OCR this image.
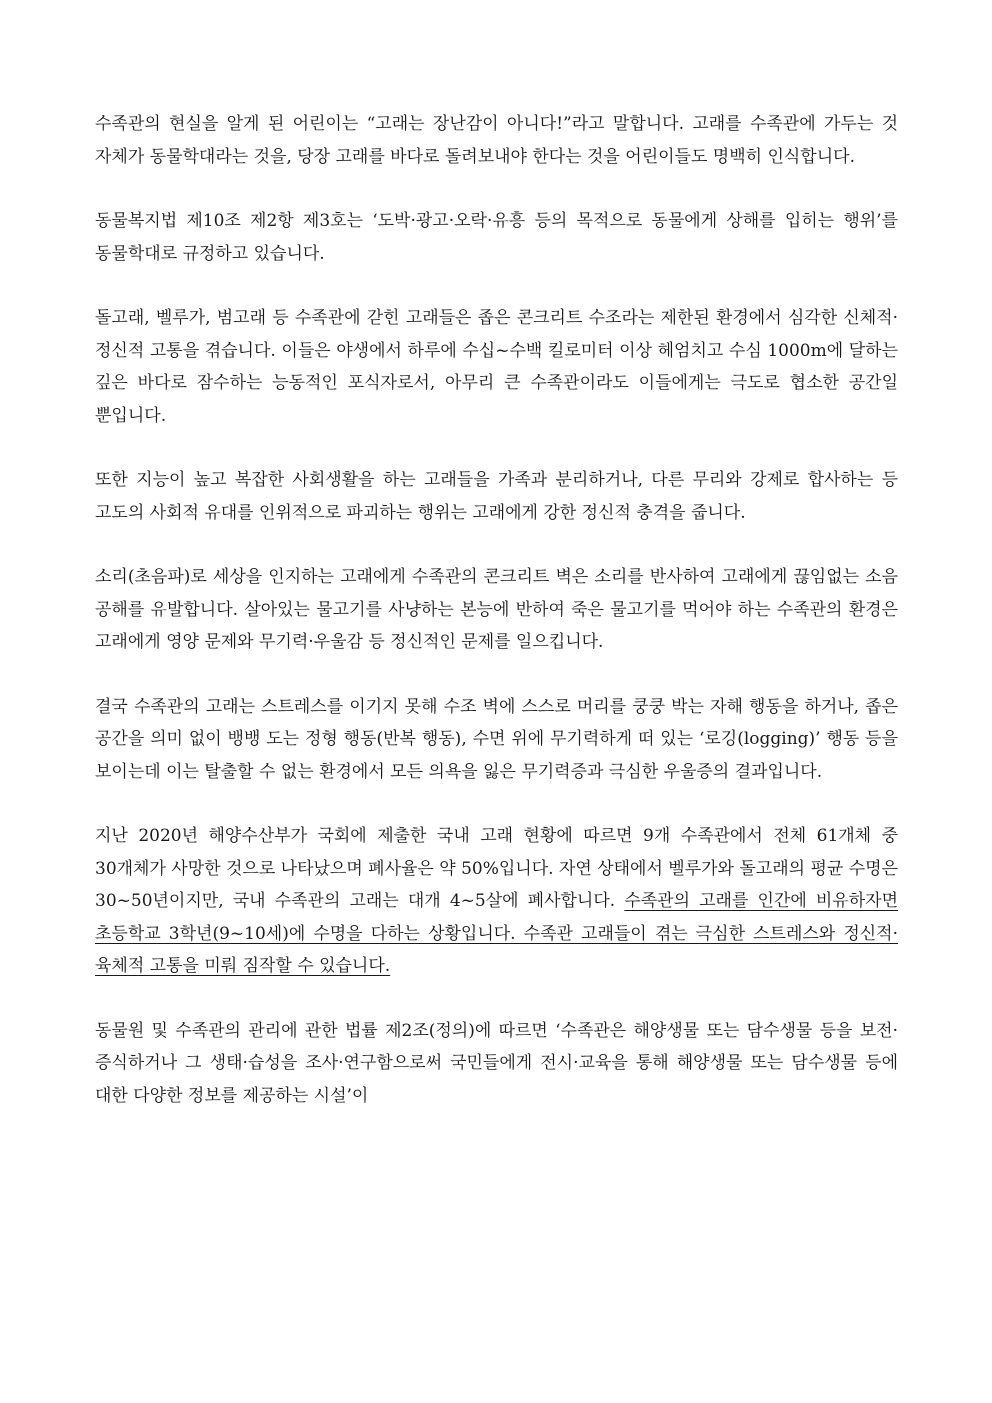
수족관의 현실을 알게 된 어린이는 “고래는 장난감이 아니다!”라고 말합니다. 고래를 수족관에 가두는 것 자체가 동물학대라는 것을, 당장 고래를 바다로 돌려보내야 한다는 것을 어린이들도 명백히 인식합니다.

동물복지법 제10조 제2항 제3호는 ‘도박·광고·오락·유흥 등의 목적으로 동물에게 상해를 입히는 행위’를 동물학대로 규정하고 있습니다.

돌고래, 벨루가, 범고래 등 수족관에 갇힌 고래들은 좁은 콘크리트 수조라는 제한된 환경에서 심각한 신체적·정신적 고통을 겪습니다. 이들은 야생에서 하루에 수십~수백 킬로미터 이상 헤엄치고 수심 1000m에 달하는 깊은 바다로 잠수하는 능동적인 포식자로서, 아무리 큰 수족관이라도 이들에게는 극도로 협소한 공간일 뿐입니다.

또한 지능이 높고 복잡한 사회생활을 하는 고래들을 가족과 분리하거나, 다른 무리와 강제로 합사하는 등 고도의 사회적 유대를 인위적으로 파괴하는 행위는 고래에게 강한 정신적 충격을 줍니다.

소리(초음파)로 세상을 인지하는 고래에게 수족관의 콘크리트 벽은 소리를 반사하여 고래에게 끊임없는 소음 공해를 유발합니다. 살아있는 물고기를 사냥하는 본능에 반하여 죽은 물고기를 먹어야 하는 수족관의 환경은 고래에게 영양 문제와 무기력·우울감 등 정신적인 문제를 일으킵니다.

결국 수족관의 고래는 스트레스를 이기지 못해 수조 벽에 스스로 머리를 쿵쿵 박는 자해 행동을 하거나, 좁은 공간을 의미 없이 뱅뱅 도는 정형 행동(반복 행동), 수면 위에 무기력하게 떠 있는 ‘로깅(logging)’ 행동 등을 보이는데 이는 탈출할 수 없는 환경에서 모든 의욕을 잃은 무기력증과 극심한 우울증의 결과입니다.

지난 2020년 해양수산부가 국회에 제출한 국내 고래 현황에 따르면 9개 수족관에서 전체 61개체 중 30개체가 사망한 것으로 나타났으며 폐사율은 약 50%입니다. 자연 상태에서 벨루가와 돌고래의 평균 수명은 30~50년이지만, 국내 수족관의 고래는 대개 4~5살에 폐사합니다. 수족관의 고래를 인간에 비유하자면 초등학교 3학년(9~10세)에 수명을 다하는 상황입니다. 수족관 고래들이 겪는 극심한 스트레스와 정신적·육체적 고통을 미뤄 짐작할 수 있습니다.

동물원 및 수족관의 관리에 관한 법률 제2조(정의)에 따르면 ‘수족관은 해양생물 또는 담수생물 등을 보전·증식하거나 그 생태·습성을 조사·연구함으로써 국민들에게 전시·교육을 통해 해양생물 또는 담수생물 등에 대한 다양한 정보를 제공하는 시설’이
